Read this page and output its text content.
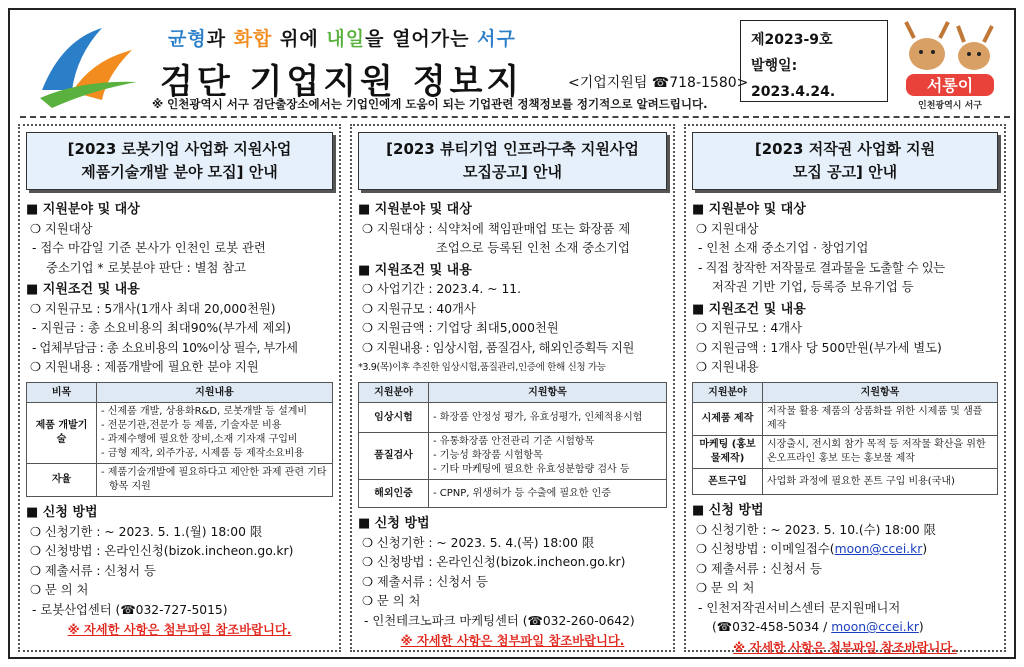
균형과 화합 위에 내일을 열어가는 서구
검단 기업지원 정보지	<기업지원팀 ☎718-1580>
※ 인천광역시 서구 검단출장소에서는 기업인에게 도움이 되는 기업관련 정책정보를 정기적으로 알려드립니다.
제2023-9호
발행일: 2023.4.24.	서롱이
인천광역시 서구
[2023 로봇기업 사업화 지원사업
제품기술개발 분야 모집] 안내
■ 지원분야 및 대상
❍ 지원대상
- 접수 마감일 기준 본사가 인천인 로봇 관련
중소기업 * 로봇분야 판단 : 별첨 참고
■ 지원조건 및 내용
❍ 지원규모 : 5개사(1개사 최대 20,000천원)
- 지원금 : 총 소요비용의 최대90%(부가세 제외)
- 업체부담금 : 총 소요비용의 10%이상 필수, 부가세
❍ 지원내용 : 제품개발에 필요한 분야 지원
비목	지원내용
제품 개발기술	- 신제품 개발, 상용화R&D, 로봇개발 등 설계비
- 전문기관,전문가 등 제품, 기술자문 비용
- 과제수행에 필요한 장비,소재 기자재 구입비
- 금형 제작, 외주가공, 시제품 등 제작소요비용

자율	- 제품기술개발에 필요하다고 제안한 과제 관련 기타 항목 지원
■ 신청 방법
❍ 신청기한 : ~ 2023. 5. 1.(월) 18:00 限
❍ 신청방법 : 온라인신청(bizok.incheon.go.kr)
❍ 제출서류 : 신청서 등
❍ 문 의 처
- 로봇산업센터 (☎032-727-5015)
※ 자세한 사항은 첨부파일 참조바랍니다.
[2023 뷰티기업 인프라구축 지원사업
모집공고] 안내
■ 지원분야 및 대상
❍ 지원대상 : 식약처에 책임판매업 또는 화장품 제
조업으로 등록된 인천 소재 중소기업
■ 지원조건 및 내용
❍ 사업기간 : 2023.4. ~ 11.
❍ 지원규모 : 40개사
❍ 지원금액 : 기업당 최대5,000천원
❍ 지원내용 : 임상시험, 품질검사, 해외인증획득 지원
*3.9(목)이후 추진한 임상시험,품질관리,인증에 한해 신청 가능
지원분야	지원항목
임상시험	- 화장품 안정성 평가, 유효성평가, 인체적용시험

품질검사	- 유통화장품 안전관리 기준 시험항목
- 기능성 화장품 시험항목
- 기타 마케팅에 필요한 유효성분함량 검사 등

해외인증	- CPNP, 위생허가 등 수출에 필요한 인증
■ 신청 방법
❍ 신청기한 : ~ 2023. 5. 4.(목) 18:00 限
❍ 신청방법 : 온라인신청(bizok.incheon.go.kr)
❍ 제출서류 : 신청서 등
❍ 문 의 처
- 인천테크노파크 마케팅센터 (☎032-260-0642)
※ 자세한 사항은 첨부파일 참조바랍니다.
[2023 저작권 사업화 지원
모집 공고] 안내
■ 지원분야 및 대상
❍ 지원대상
- 인천 소재 중소기업 · 창업기업
- 직접 창작한 저작물로 결과물을 도출할 수 있는
저작권 기반 기업, 등록증 보유기업 등
■ 지원조건 및 내용
❍ 지원규모 : 4개사
❍ 지원금액 : 1개사 당 500만원(부가세 별도)
❍ 지원내용
지원분야	지원항목
시제품 제작	저작물 활용 제품의 상품화를 위한 시제품 및 샘플 제작

마케팅 (홍보물제작)	시장출시, 전시회 참가 목적 등 저작물 확산을 위한 온오프라인 홍보 또는 홍보물 제작

폰트구입	사업화 과정에 필요한 폰트 구입 비용(국내)
■ 신청 방법
❍ 신청기한 : ~ 2023. 5. 10.(수) 18:00 限
❍ 신청방법 : 이메일접수(moon@ccei.kr)
❍ 제출서류 : 신청서 등
❍ 문 의 처
- 인천저작권서비스센터 문지원매니저
(☎032-458-5034 / moon@ccei.kr)
※ 자세한 사항은 첨부파일 참조바랍니다.
